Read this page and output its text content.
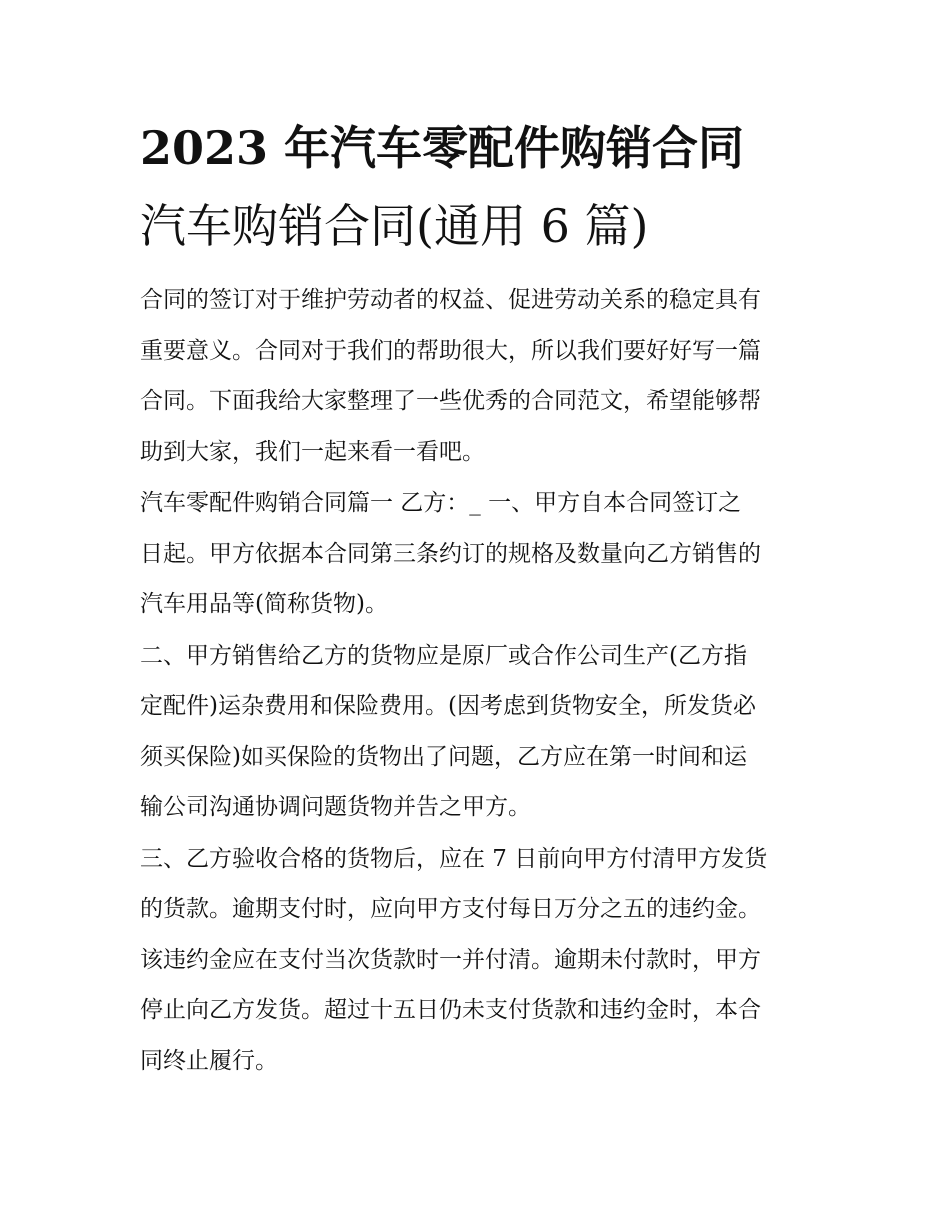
2023 年汽车零配件购销合同
汽车购销合同(通用 6 篇)
合同的签订对于维护劳动者的权益、促进劳动关系的稳定具有
重要意义。合同对于我们的帮助很大，所以我们要好好写一篇
合同。下面我给大家整理了一些优秀的合同范文，希望能够帮
助到大家，我们一起来看一看吧。
汽车零配件购销合同篇一 乙方：_ 一、甲方自本合同签订之
日起。甲方依据本合同第三条约订的规格及数量向乙方销售的
汽车用品等(简称货物)。
二、甲方销售给乙方的货物应是原厂或合作公司生产(乙方指
定配件)运杂费用和保险费用。(因考虑到货物安全，所发货必
须买保险)如买保险的货物出了问题，乙方应在第一时间和运
输公司沟通协调问题货物并告之甲方。
三、乙方验收合格的货物后，应在 7 日前向甲方付清甲方发货
的货款。逾期支付时，应向甲方支付每日万分之五的违约金。
该违约金应在支付当次货款时一并付清。逾期未付款时，甲方
停止向乙方发货。超过十五日仍未支付货款和违约金时，本合
同终止履行。
